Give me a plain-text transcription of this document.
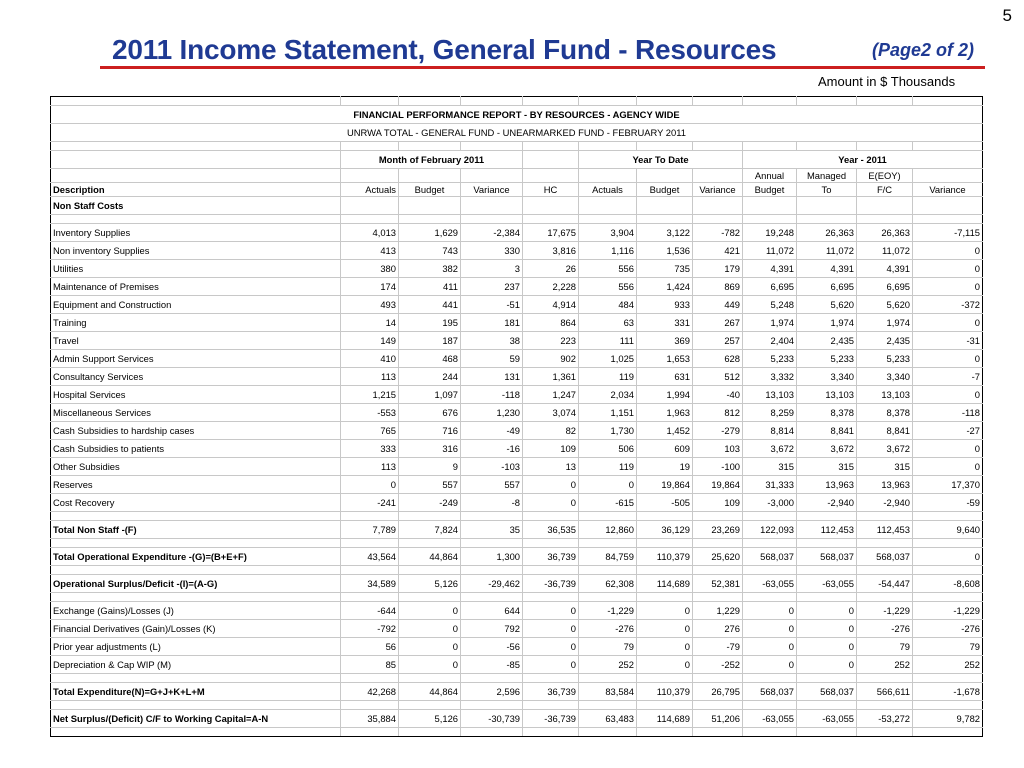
5
2011 Income Statement, General Fund - Resources	(Page2 of 2)
Amount in $ Thousands

FINANCIAL PERFORMANCE REPORT - BY RESOURCES - AGENCY WIDE											
UNRWA TOTAL - GENERAL FUND - UNEARMARKED FUND - FEBRUARY 2011											

	Month of February 2011				Year To Date			Year - 2011			
								Annual	Managed	E(EOY)	
Description	Actuals	Budget	Variance	HC	Actuals	Budget	Variance	Budget	To	F/C	Variance
Non Staff Costs											

Inventory Supplies	4,013	1,629	-2,384	17,675	3,904	3,122	-782	19,248	26,363	26,363	-7,115
Non inventory Supplies	413	743	330	3,816	1,116	1,536	421	11,072	11,072	11,072	0
Utilities	380	382	3	26	556	735	179	4,391	4,391	4,391	0
Maintenance of Premises	174	411	237	2,228	556	1,424	869	6,695	6,695	6,695	0
Equipment and Construction	493	441	-51	4,914	484	933	449	5,248	5,620	5,620	-372
Training	14	195	181	864	63	331	267	1,974	1,974	1,974	0
Travel	149	187	38	223	111	369	257	2,404	2,435	2,435	-31
Admin Support Services	410	468	59	902	1,025	1,653	628	5,233	5,233	5,233	0
Consultancy Services	113	244	131	1,361	119	631	512	3,332	3,340	3,340	-7
Hospital Services	1,215	1,097	-118	1,247	2,034	1,994	-40	13,103	13,103	13,103	0
Miscellaneous Services	-553	676	1,230	3,074	1,151	1,963	812	8,259	8,378	8,378	-118
Cash Subsidies to hardship cases	765	716	-49	82	1,730	1,452	-279	8,814	8,841	8,841	-27
Cash Subsidies to patients	333	316	-16	109	506	609	103	3,672	3,672	3,672	0
Other Subsidies	113	9	-103	13	119	19	-100	315	315	315	0
Reserves	0	557	557	0	0	19,864	19,864	31,333	13,963	13,963	17,370
Cost Recovery	-241	-249	-8	0	-615	-505	109	-3,000	-2,940	-2,940	-59

Total Non Staff -(F)	7,789	7,824	35	36,535	12,860	36,129	23,269	122,093	112,453	112,453	9,640

Total Operational Expenditure -(G)=(B+E+F)	43,564	44,864	1,300	36,739	84,759	110,379	25,620	568,037	568,037	568,037	0

Operational Surplus/Deficit -(I)=(A-G)	34,589	5,126	-29,462	-36,739	62,308	114,689	52,381	-63,055	-63,055	-54,447	-8,608

Exchange (Gains)/Losses (J)	-644	0	644	0	-1,229	0	1,229	0	0	-1,229	-1,229
Financial Derivatives (Gain)/Losses (K)	-792	0	792	0	-276	0	276	0	0	-276	-276
Prior year adjustments (L)	56	0	-56	0	79	0	-79	0	0	79	79
Depreciation & Cap WIP (M)	85	0	-85	0	252	0	-252	0	0	252	252

Total Expenditure(N)=G+J+K+L+M	42,268	44,864	2,596	36,739	83,584	110,379	26,795	568,037	568,037	566,611	-1,678

Net Surplus/(Deficit) C/F to Working Capital=A-N	35,884	5,126	-30,739	-36,739	63,483	114,689	51,206	-63,055	-63,055	-53,272	9,782
